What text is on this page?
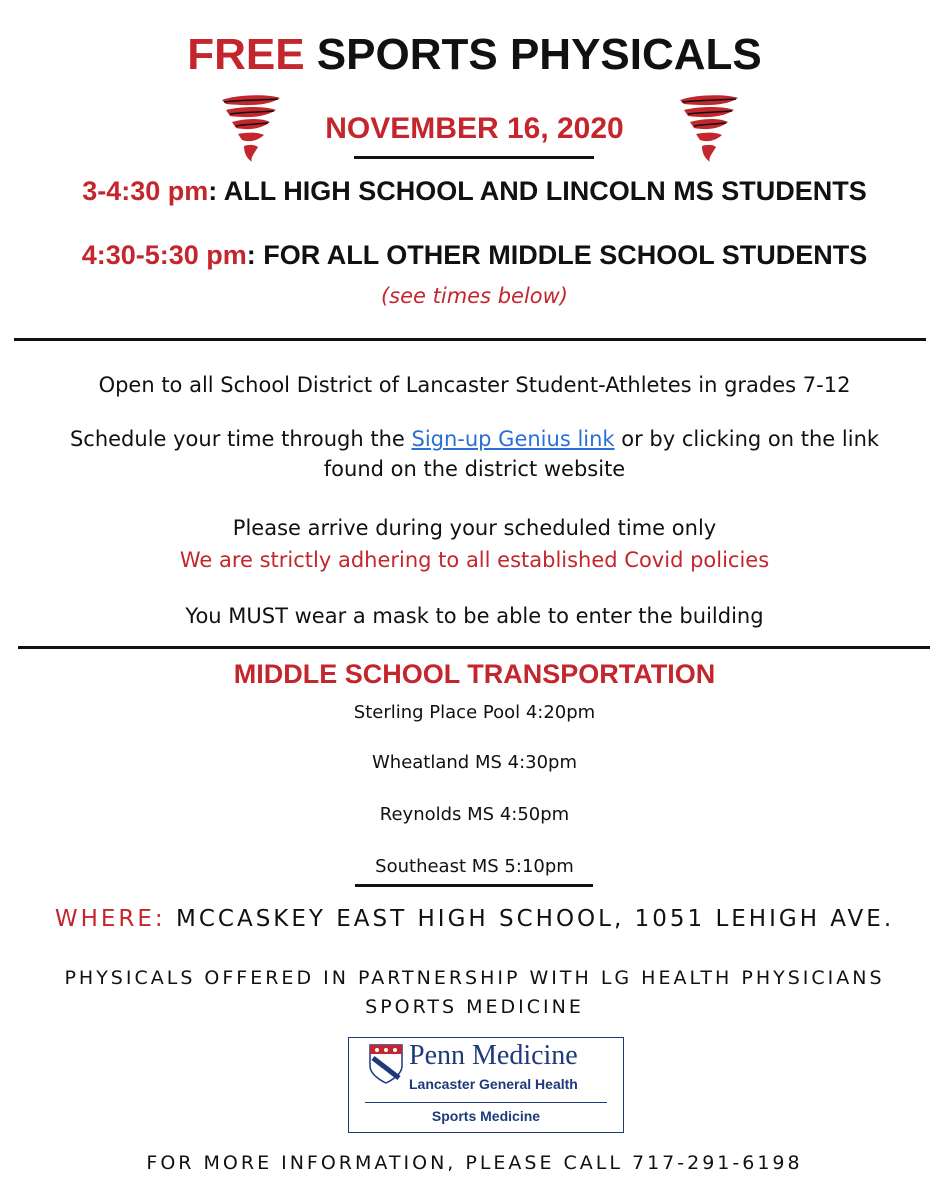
FREE SPORTS PHYSICALS
NOVEMBER 16, 2020
3-4:30 pm: ALL HIGH SCHOOL AND LINCOLN MS STUDENTS
4:30-5:30 pm: FOR ALL OTHER MIDDLE SCHOOL STUDENTS
(see times below)
Open to all School District of Lancaster Student-Athletes in grades 7-12
Schedule your time through the Sign-up Genius link or by clicking on the link
found on the district website
Please arrive during your scheduled time only
We are strictly adhering to all established Covid policies
You MUST wear a mask to be able to enter the building
MIDDLE SCHOOL TRANSPORTATION
Sterling Place Pool 4:20pm
Wheatland MS 4:30pm
Reynolds MS 4:50pm
Southeast MS 5:10pm
WHERE: MCCASKEY EAST HIGH SCHOOL, 1051 LEHIGH AVE.
PHYSICALS OFFERED IN PARTNERSHIP WITH LG HEALTH PHYSICIANS
SPORTS MEDICINE
Penn Medicine
Lancaster General Health
Sports Medicine
FOR MORE INFORMATION, PLEASE CALL 717-291-6198
